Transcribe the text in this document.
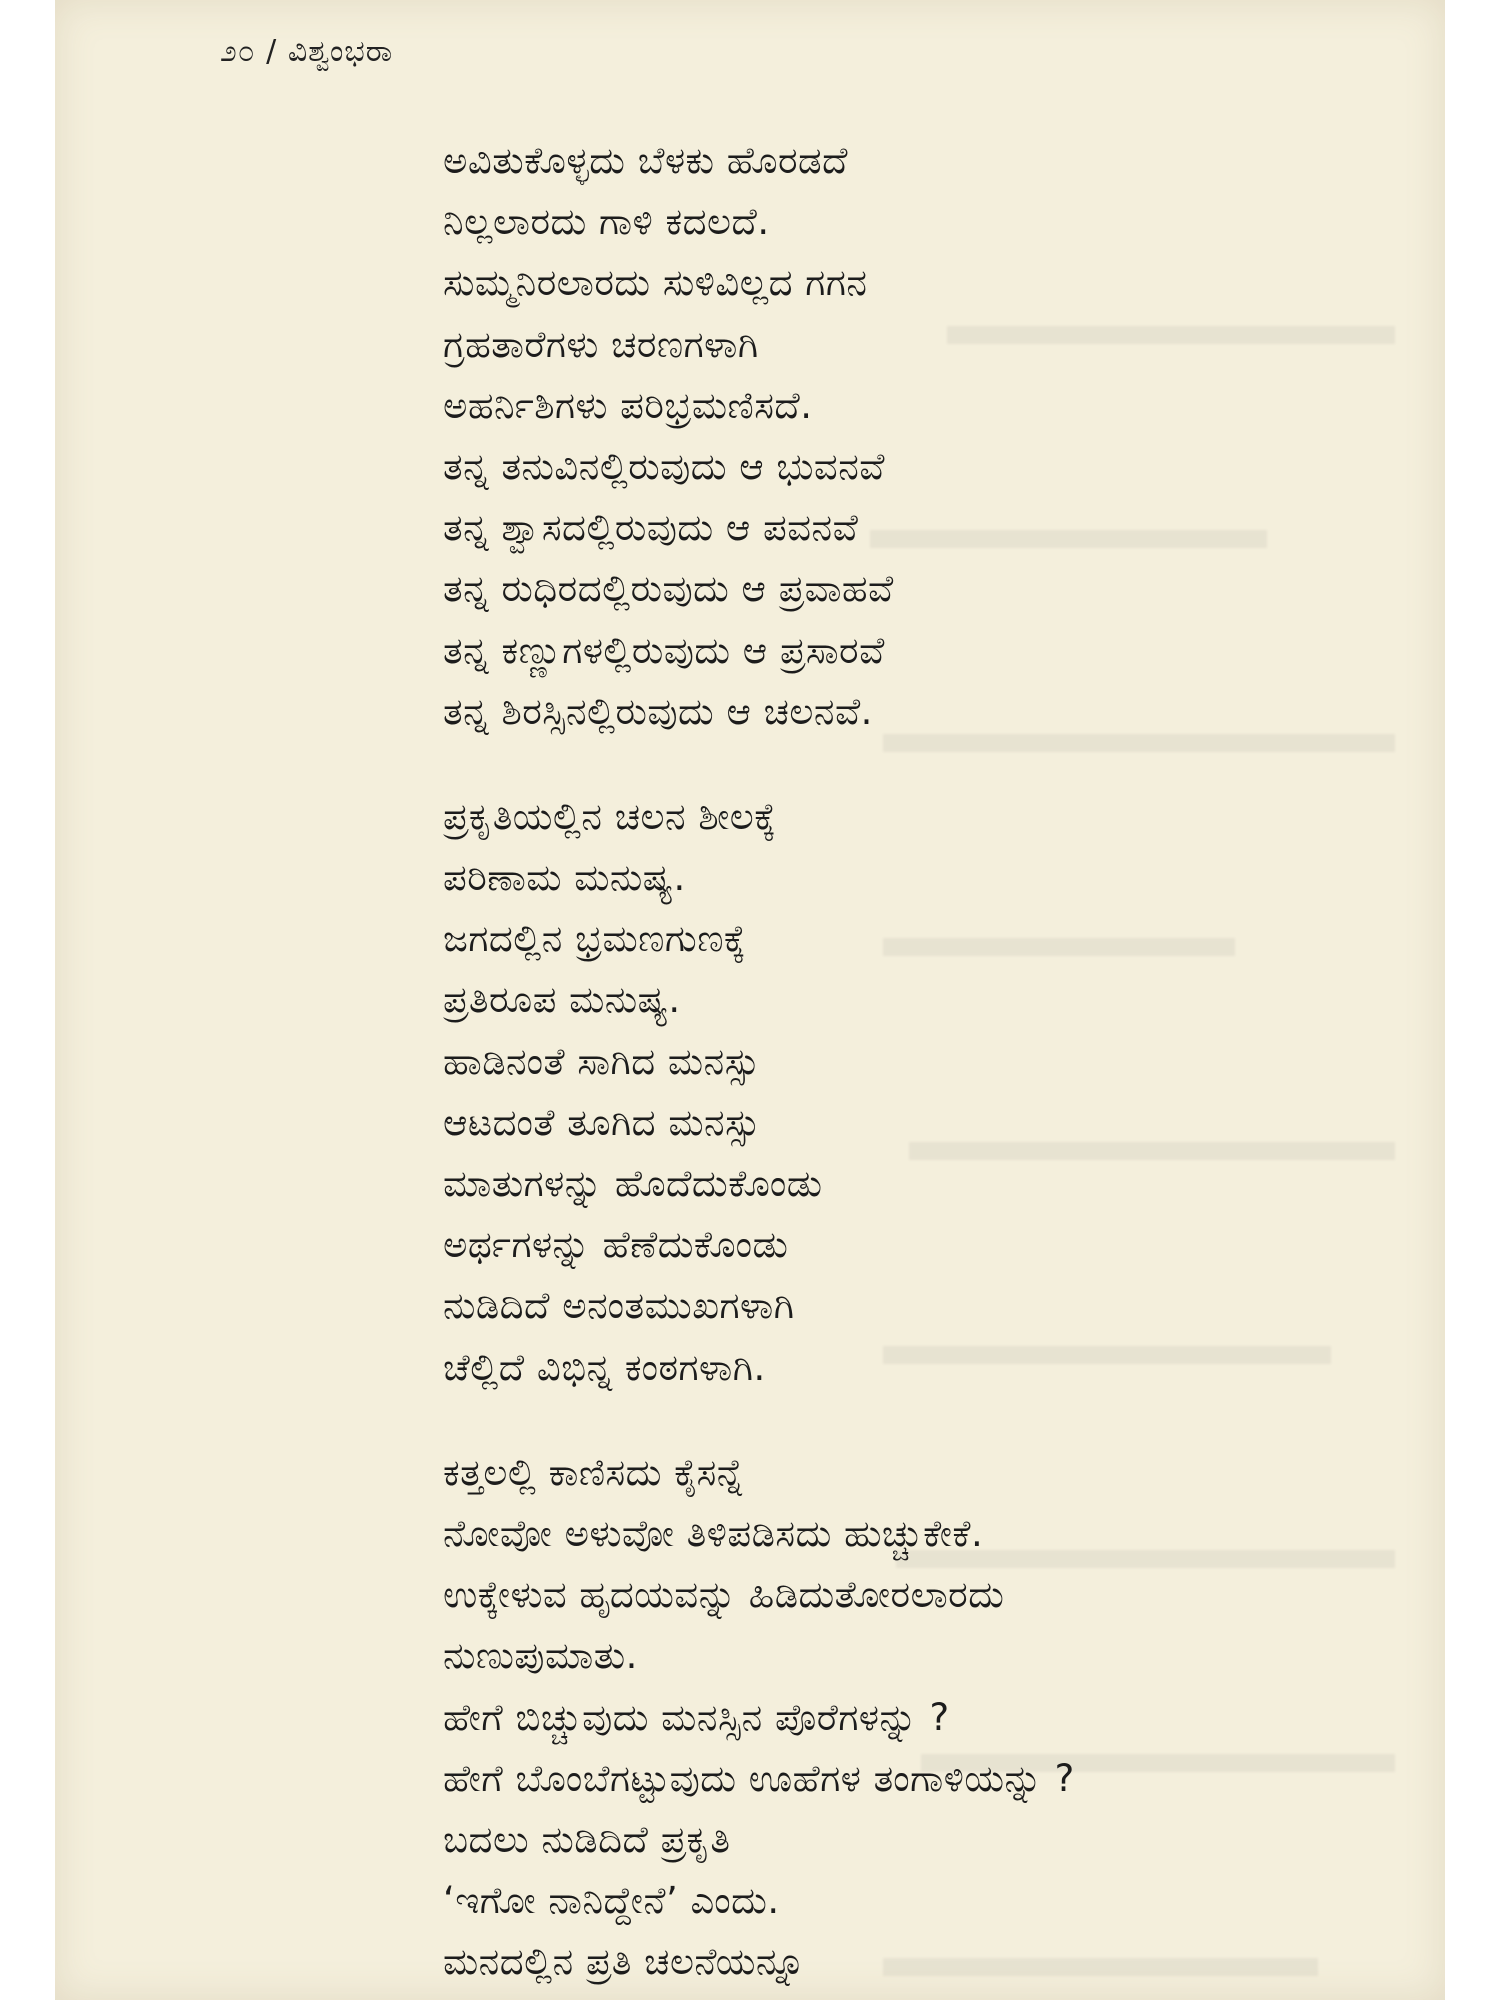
೨೦ / ವಿಶ್ವಂಭರಾ

ಅವಿತುಕೊಳ್ಳದು ಬೆಳಕು ಹೊರಡದೆ
ನಿಲ್ಲಲಾರದು ಗಾಳಿ ಕದಲದೆ.
ಸುಮ್ಮನಿರಲಾರದು ಸುಳಿವಿಲ್ಲದ ಗಗನ
ಗ್ರಹತಾರೆಗಳು ಚರಣಗಳಾಗಿ
ಅಹರ್ನಿಶಿಗಳು ಪರಿಭ್ರಮಣಿಸದೆ.
ತನ್ನ ತನುವಿನಲ್ಲಿರುವುದು ಆ ಭುವನವೆ
ತನ್ನ ಶ್ವಾಸದಲ್ಲಿರುವುದು ಆ ಪವನವೆ
ತನ್ನ ರುಧಿರದಲ್ಲಿರುವುದು ಆ ಪ್ರವಾಹವೆ
ತನ್ನ ಕಣ್ಣುಗಳಲ್ಲಿರುವುದು ಆ ಪ್ರಸಾರವೆ
ತನ್ನ ಶಿರಸ್ಸಿನಲ್ಲಿರುವುದು ಆ ಚಲನವೆ.
ಪ್ರಕೃತಿಯಲ್ಲಿನ ಚಲನ ಶೀಲಕ್ಕೆ
ಪರಿಣಾಮ ಮನುಷ್ಯ.
ಜಗದಲ್ಲಿನ ಭ್ರಮಣಗುಣಕ್ಕೆ
ಪ್ರತಿರೂಪ ಮನುಷ್ಯ.
ಹಾಡಿನಂತೆ ಸಾಗಿದ ಮನಸ್ಸು
ಆಟದಂತೆ ತೂಗಿದ ಮನಸ್ಸು
ಮಾತುಗಳನ್ನು ಹೊದೆದುಕೊಂಡು
ಅರ್ಥಗಳನ್ನು ಹೆಣೆದುಕೊಂಡು
ನುಡಿದಿದೆ ಅನಂತಮುಖಗಳಾಗಿ
ಚೆಲ್ಲಿದೆ ವಿಭಿನ್ನ ಕಂಠಗಳಾಗಿ.
ಕತ್ತಲಲ್ಲಿ ಕಾಣಿಸದು ಕೈಸನ್ನೆ
ನೋವೋ ಅಳುವೋ ತಿಳಿಪಡಿಸದು ಹುಚ್ಚುಕೇಕೆ.
ಉಕ್ಕೇಳುವ ಹೃದಯವನ್ನು ಹಿಡಿದುತೋರಲಾರದು
ನುಣುಪುಮಾತು.
ಹೇಗೆ ಬಿಚ್ಚುವುದು ಮನಸ್ಸಿನ ಪೊರೆಗಳನ್ನು ?
ಹೇಗೆ ಬೊಂಬೆಗಟ್ಟುವುದು ಊಹೆಗಳ ತಂಗಾಳಿಯನ್ನು ?
ಬದಲು ನುಡಿದಿದೆ ಪ್ರಕೃತಿ
‘ಇಗೋ ನಾನಿದ್ದೇನೆ’ ಎಂದು.
ಮನದಲ್ಲಿನ ಪ್ರತಿ ಚಲನೆಯನ್ನೂ
